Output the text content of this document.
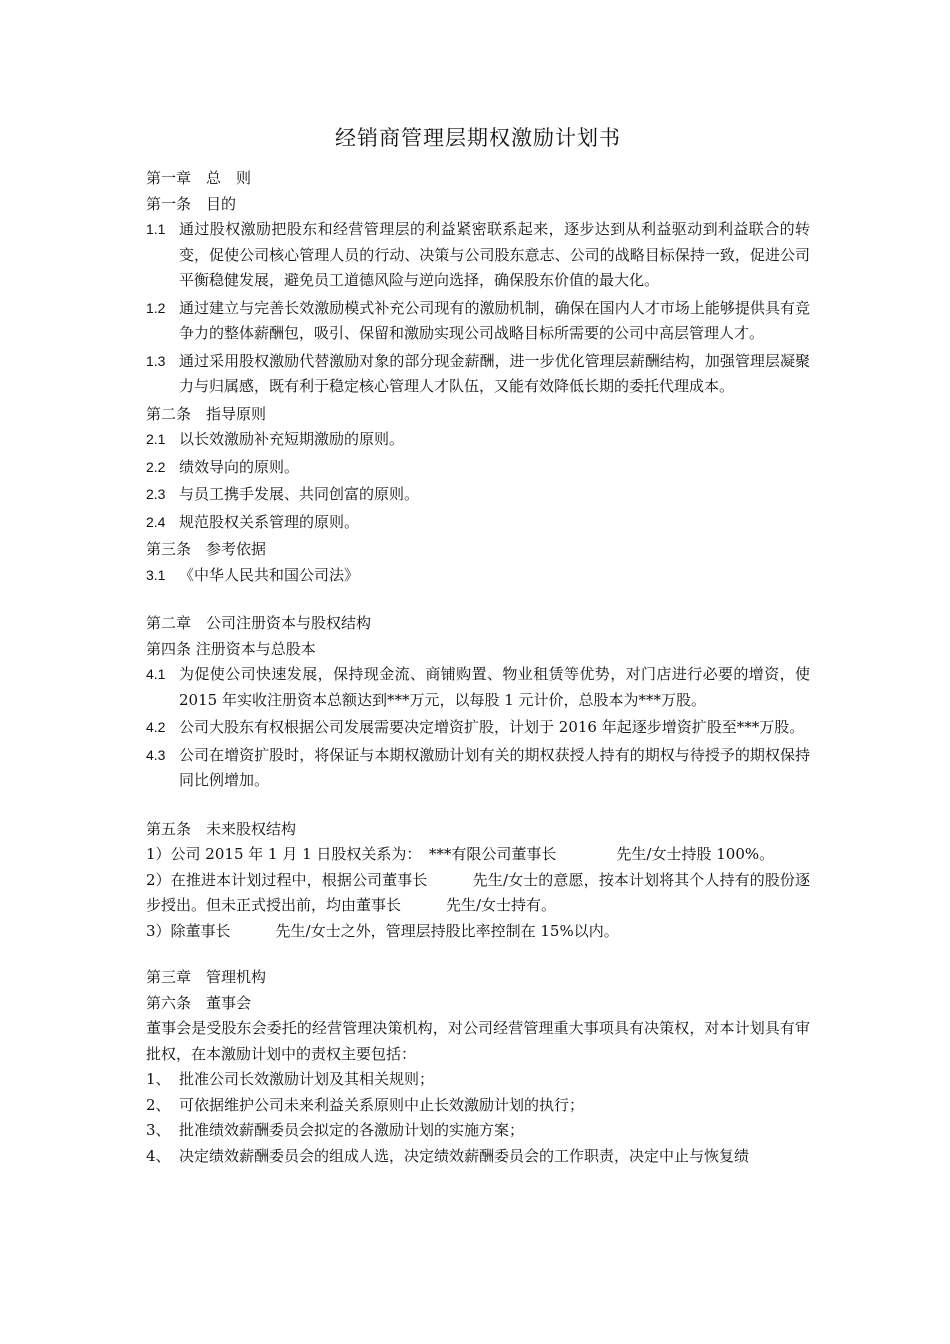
经销商管理层期权激励计划书
第一章　总　则
第一条　目的
1.1 通过股权激励把股东和经营管理层的利益紧密联系起来，逐步达到从利益驱动到利益联合的转变，促使公司核心管理人员的行动、决策与公司股东意志、公司的战略目标保持一致，促进公司平衡稳健发展，避免员工道德风险与逆向选择，确保股东价值的最大化。
1.2 通过建立与完善长效激励模式补充公司现有的激励机制，确保在国内人才市场上能够提供具有竞争力的整体薪酬包，吸引、保留和激励实现公司战略目标所需要的公司中高层管理人才。
1.3 通过采用股权激励代替激励对象的部分现金薪酬，进一步优化管理层薪酬结构，加强管理层凝聚力与归属感，既有利于稳定核心管理人才队伍，又能有效降低长期的委托代理成本。
第二条　指导原则
2.1 以长效激励补充短期激励的原则。
2.2 绩效导向的原则。
2.3 与员工携手发展、共同创富的原则。
2.4 规范股权关系管理的原则。
第三条　参考依据
3.1 《中华人民共和国公司法》
第二章　公司注册资本与股权结构
第四条 注册资本与总股本
4.1 为促使公司快速发展，保持现金流、商铺购置、物业租赁等优势，对门店进行必要的增资，使 2015 年实收注册资本总额达到***万元，以每股 1 元计价，总股本为***万股。
4.2 公司大股东有权根据公司发展需要决定增资扩股，计划于 2016 年起逐步增资扩股至***万股。
4.3 公司在增资扩股时，将保证与本期权激励计划有关的期权获授人持有的期权与待授予的期权保持同比例增加。
第五条　未来股权结构
1）公司 2015 年 1 月 1 日股权关系为：　***有限公司董事长　　　　先生/女士持股 100%。
2）在推进本计划过程中，根据公司董事长　　　先生/女士的意愿，按本计划将其个人持有的股份逐步授出。但未正式授出前，均由董事长　　　先生/女士持有。
3）除董事长　　　先生/女士之外，管理层持股比率控制在 15%以内。
第三章　管理机构
第六条　董事会
董事会是受股东会委托的经营管理决策机构，对公司经营管理重大事项具有决策权，对本计划具有审批权，在本激励计划中的责权主要包括：
1、 批准公司长效激励计划及其相关规则；
2、 可依据维护公司未来利益关系原则中止长效激励计划的执行；
3、 批准绩效薪酬委员会拟定的各激励计划的实施方案；
4、 决定绩效薪酬委员会的组成人选，决定绩效薪酬委员会的工作职责，决定中止与恢复绩
